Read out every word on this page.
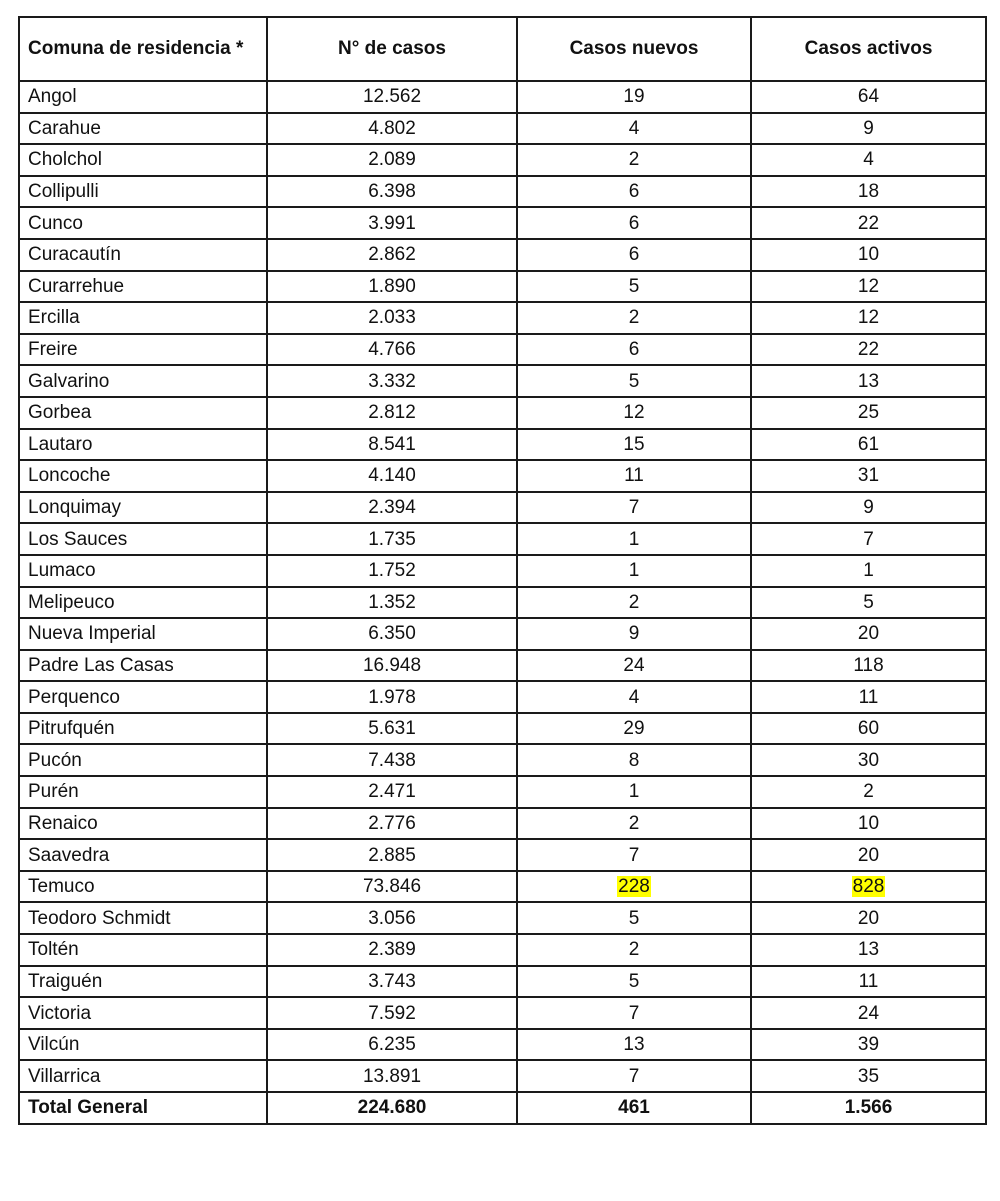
Comuna de residencia *	N° de casos	Casos nuevos	Casos activos
Angol	12.562	19	64
Carahue	4.802	4	9
Cholchol	2.089	2	4
Collipulli	6.398	6	18
Cunco	3.991	6	22
Curacautín	2.862	6	10
Curarrehue	1.890	5	12
Ercilla	2.033	2	12
Freire	4.766	6	22
Galvarino	3.332	5	13
Gorbea	2.812	12	25
Lautaro	8.541	15	61
Loncoche	4.140	11	31
Lonquimay	2.394	7	9
Los Sauces	1.735	1	7
Lumaco	1.752	1	1
Melipeuco	1.352	2	5
Nueva Imperial	6.350	9	20
Padre Las Casas	16.948	24	118
Perquenco	1.978	4	11
Pitrufquén	5.631	29	60
Pucón	7.438	8	30
Purén	2.471	1	2
Renaico	2.776	2	10
Saavedra	2.885	7	20
Temuco	73.846	228	828
Teodoro Schmidt	3.056	5	20
Toltén	2.389	2	13
Traiguén	3.743	5	11
Victoria	7.592	7	24
Vilcún	6.235	13	39
Villarrica	13.891	7	35
Total General	224.680	461	1.566
